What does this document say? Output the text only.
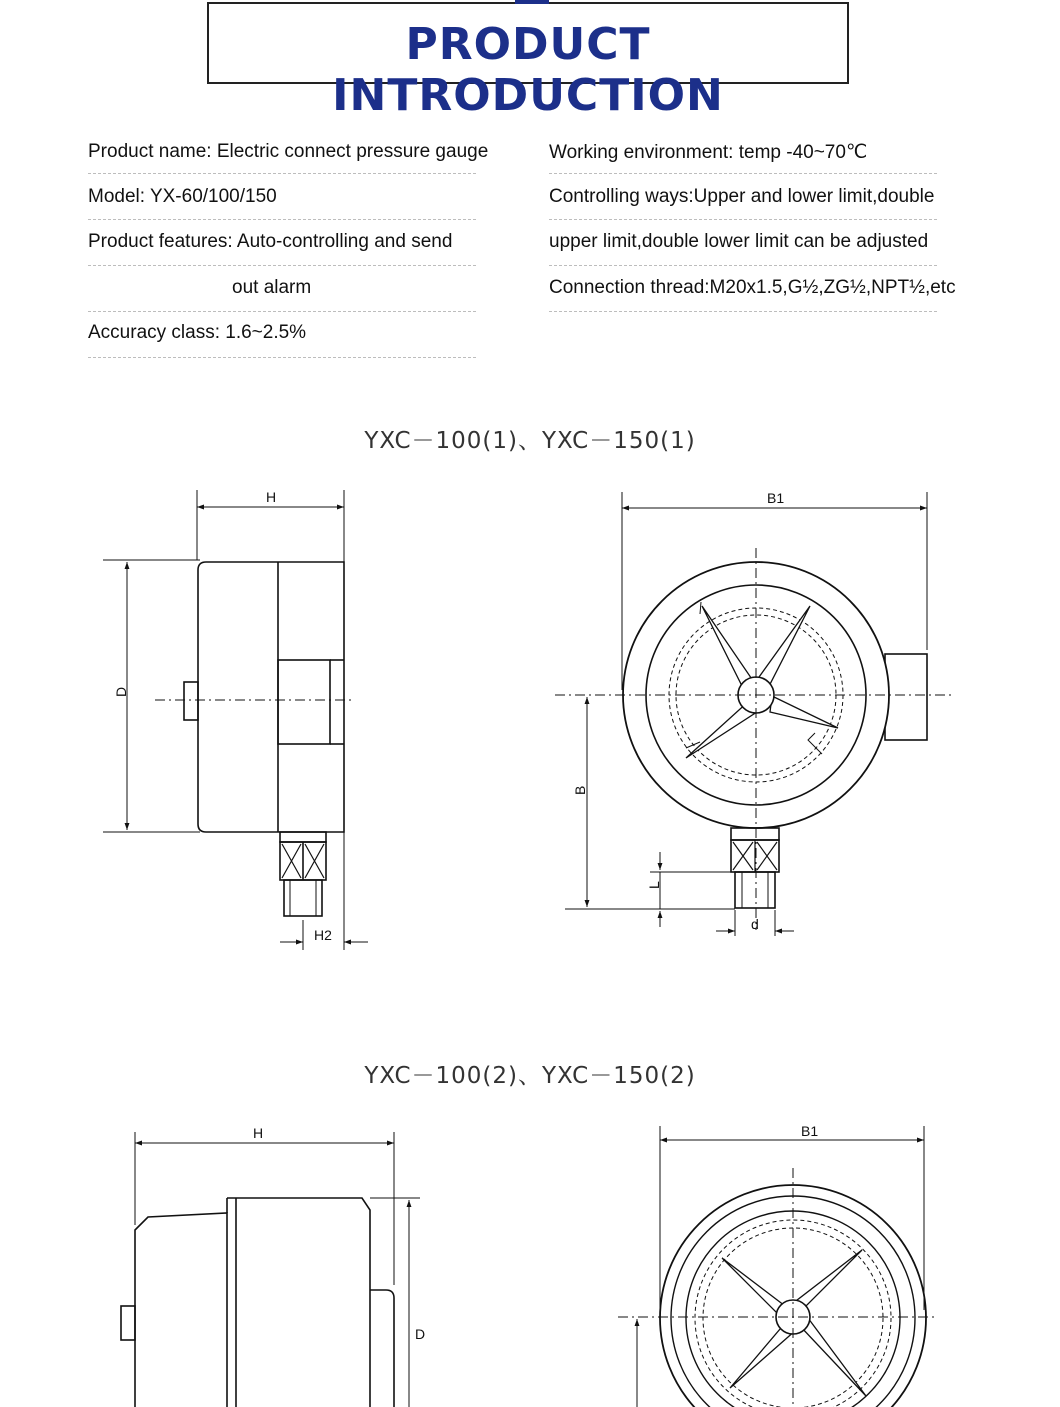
PRODUCT INTRODUCTION
Product name: Electric connect pressure gauge
Model: YX-60/100/150
Product features: Auto-controlling and send
out alarm
Accuracy class: 1.6~2.5%
Working environment: temp -40~70℃
Controlling ways:Upper and lower limit,double
upper limit,double lower limit can be adjusted
Connection thread:M20x1.5,G½,ZG½,NPT½,etc
YXC－100(1)、YXC－150(1)
YXC－100(2)、YXC－150(2)
H
D
H2
B1
B
L
d
H
D
B1
